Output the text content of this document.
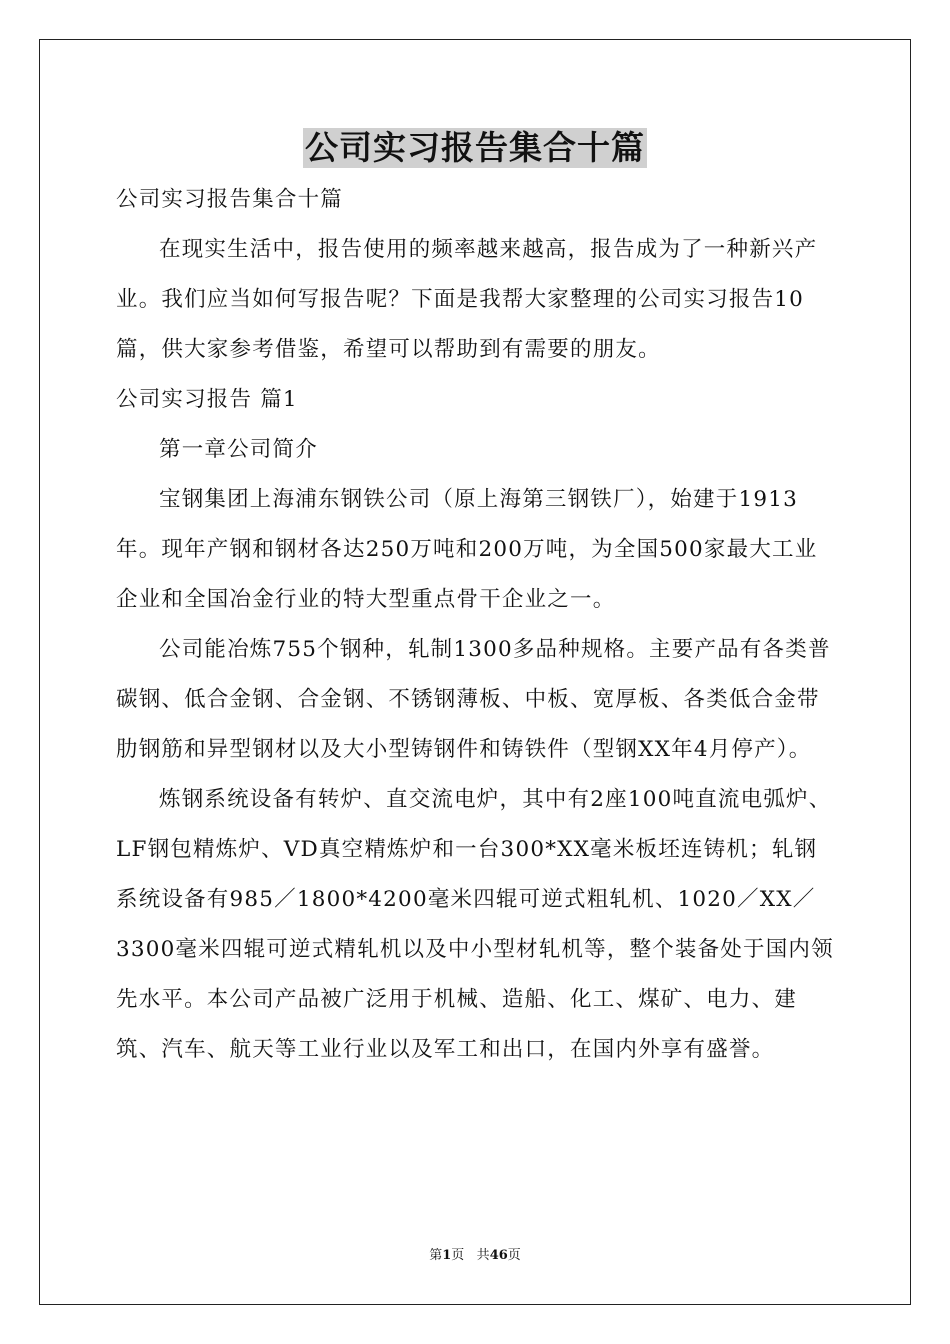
公司实习报告集合十篇

公司实习报告集合十篇

在现实生活中，报告使用的频率越来越高，报告成为了一种新兴产业。我们应当如何写报告呢？下面是我帮大家整理的公司实习报告10篇，供大家参考借鉴，希望可以帮助到有需要的朋友。

公司实习报告 篇1

第一章公司简介

宝钢集团上海浦东钢铁公司（原上海第三钢铁厂），始建于1913年。现年产钢和钢材各达250万吨和200万吨，为全国500家最大工业企业和全国冶金行业的特大型重点骨干企业之一。

公司能冶炼755个钢种，轧制1300多品种规格。主要产品有各类普碳钢、低合金钢、合金钢、不锈钢薄板、中板、宽厚板、各类低合金带肋钢筋和异型钢材以及大小型铸钢件和铸铁件（型钢XX年4月停产）。

炼钢系统设备有转炉、直交流电炉，其中有2座100吨直流电弧炉、LF钢包精炼炉、VD真空精炼炉和一台300*XX毫米板坯连铸机；轧钢系统设备有985／1800*4200毫米四辊可逆式粗轧机、1020／XX／3300毫米四辊可逆式精轧机以及中小型材轧机等，整个装备处于国内领先水平。本公司产品被广泛用于机械、造船、化工、煤矿、电力、建筑、汽车、航天等工业行业以及军工和出口，在国内外享有盛誉。

第1页 共46页
